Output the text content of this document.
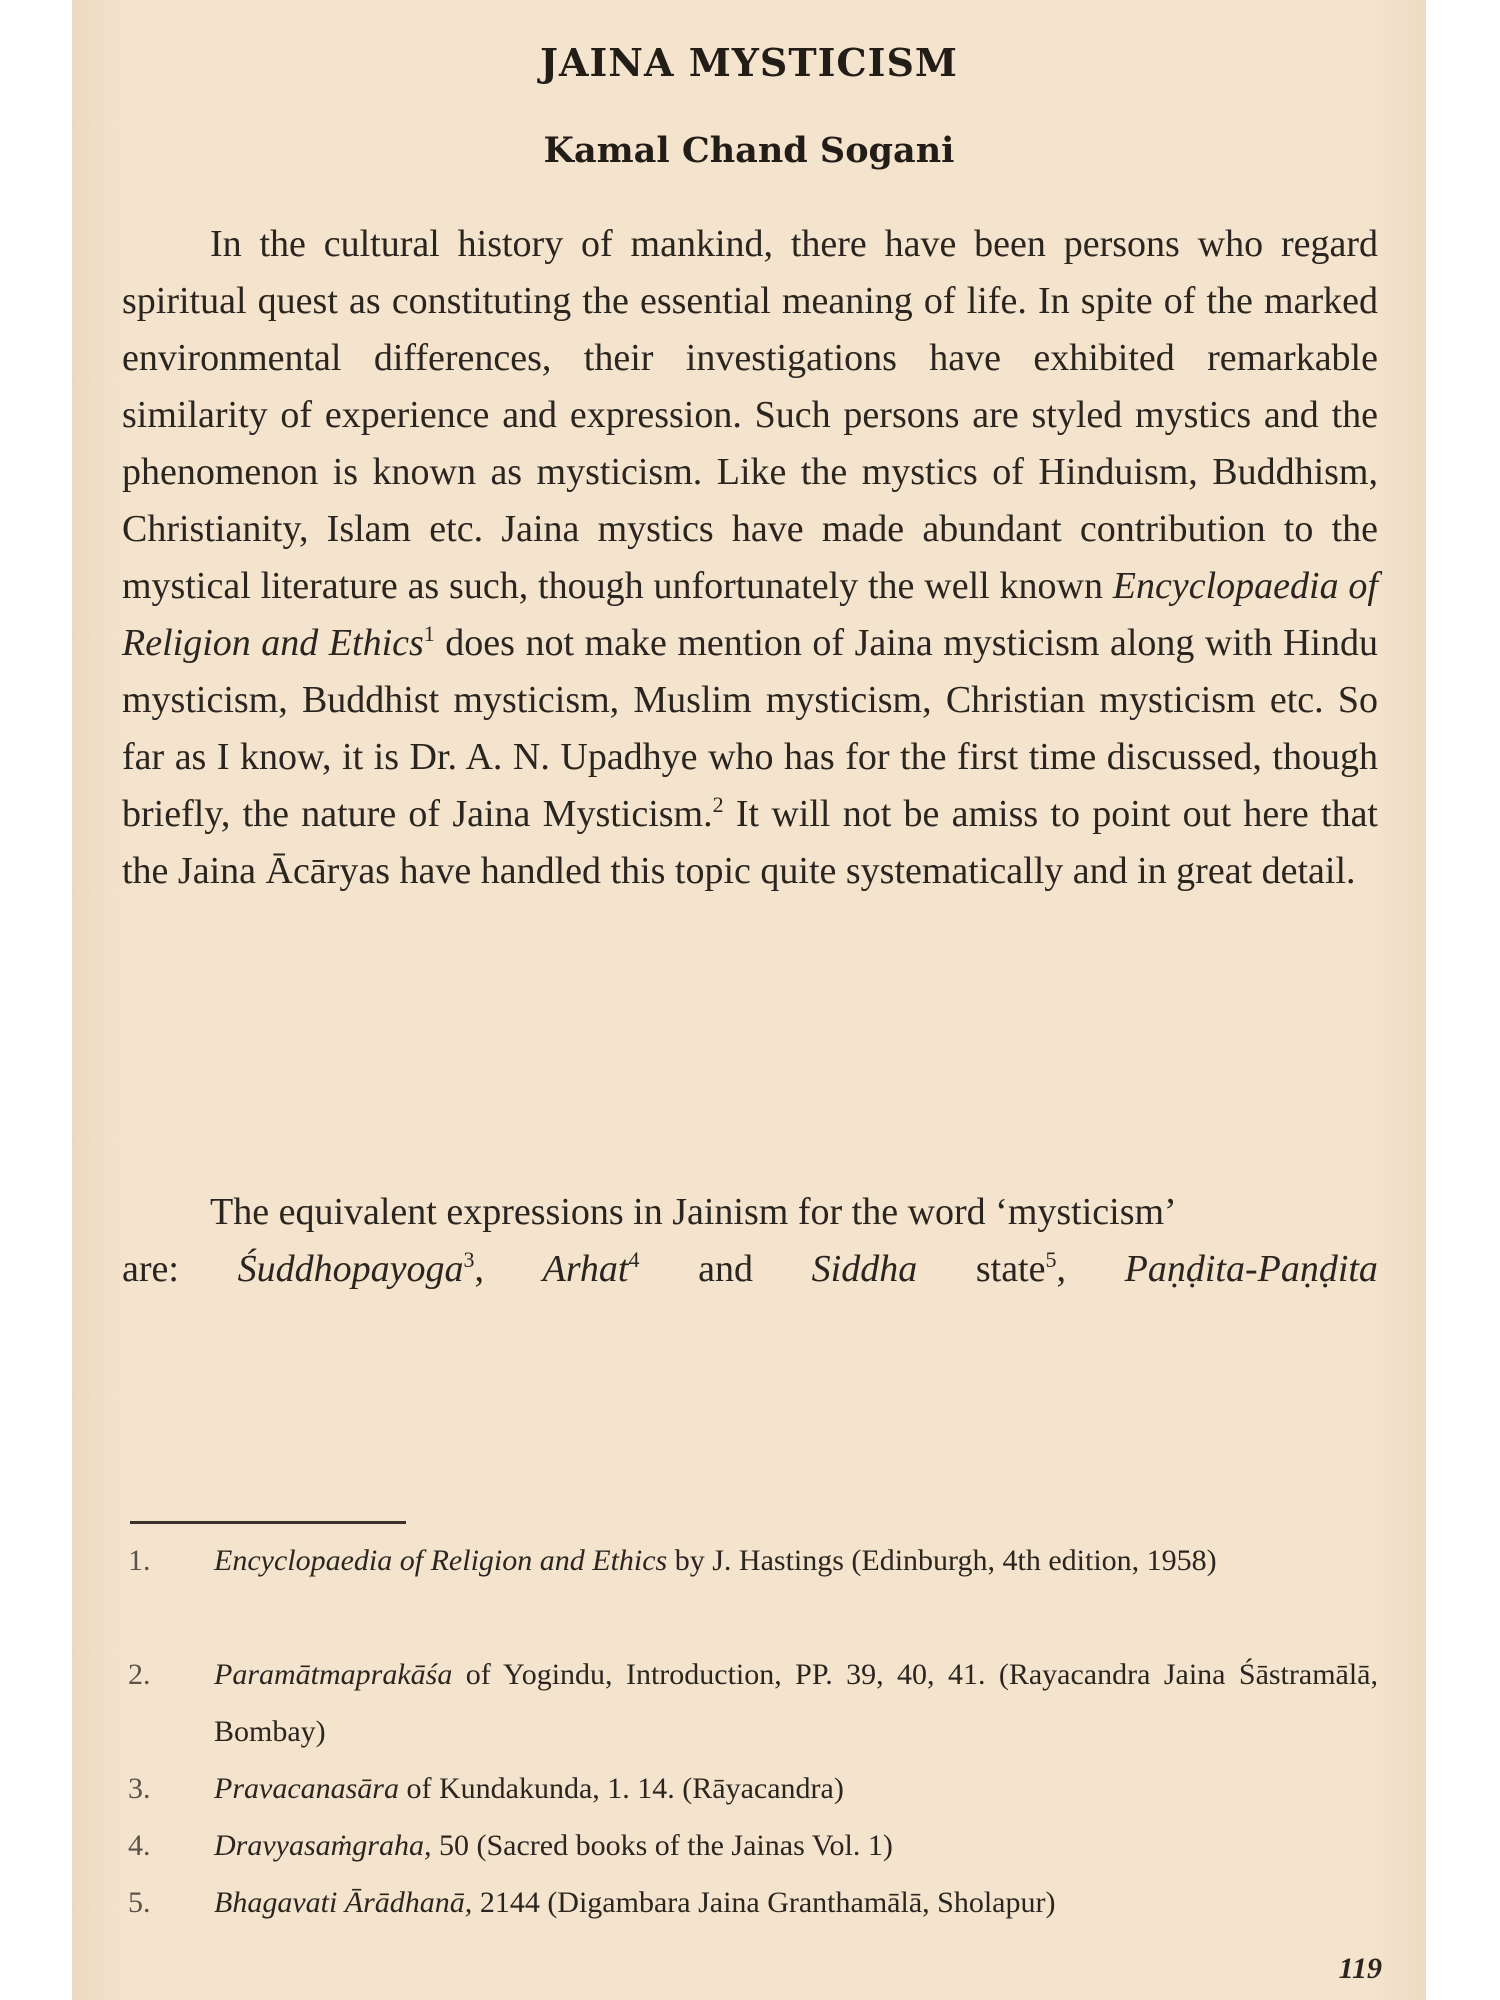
JAINA MYSTICISM
Kamal Chand Sogani
In the cultural history of mankind, there have been persons who regard spiritual quest as constituting the essential meaning of life. In spite of the marked environmental differences, their investigations have exhibited remarkable similarity of experience and expression. Such persons are styled mystics and the phenomenon is known as mysticism. Like the mystics of Hinduism, Buddhism, Christianity, Islam etc. Jaina mystics have made abundant contribution to the mystical literature as such, though unfortunately the well known Encyclopaedia of Religion and Ethics$^1$ does not make mention of Jaina mysticism along with Hindu mysticism, Buddhist mysticism, Muslim mysticism, Christian mysticism etc. So far as I know, it is Dr. A. N. Upadhye who has for the first time discussed, though briefly, the nature of Jaina Mysticism.$^2$ It will not be amiss to point out here that the Jaina Ācāryas have handled this topic quite systematically and in great detail.
The equivalent expressions in Jainism for the word ‘mysticism’
are: Śuddhopayoga$^3$, Arhat$^4$ and Siddha state$^5$, Paṇḍita-Paṇḍita
1.	Encyclopaedia of Religion and Ethics by J. Hastings (Edinburgh, 4th edition, 1958)
2.	Paramātmaprakāśa of Yogindu, Introduction, PP. 39, 40, 41. (Rayacandra Jaina Śāstramālā, Bombay)
3.	Pravacanasāra of Kundakunda, 1. 14. (Rāyacandra)
4.	Dravyasaṁgraha, 50 (Sacred books of the Jainas Vol. 1)
5.	Bhagavati Ārādhanā, 2144 (Digambara Jaina Granthamālā, Sholapur)
119
